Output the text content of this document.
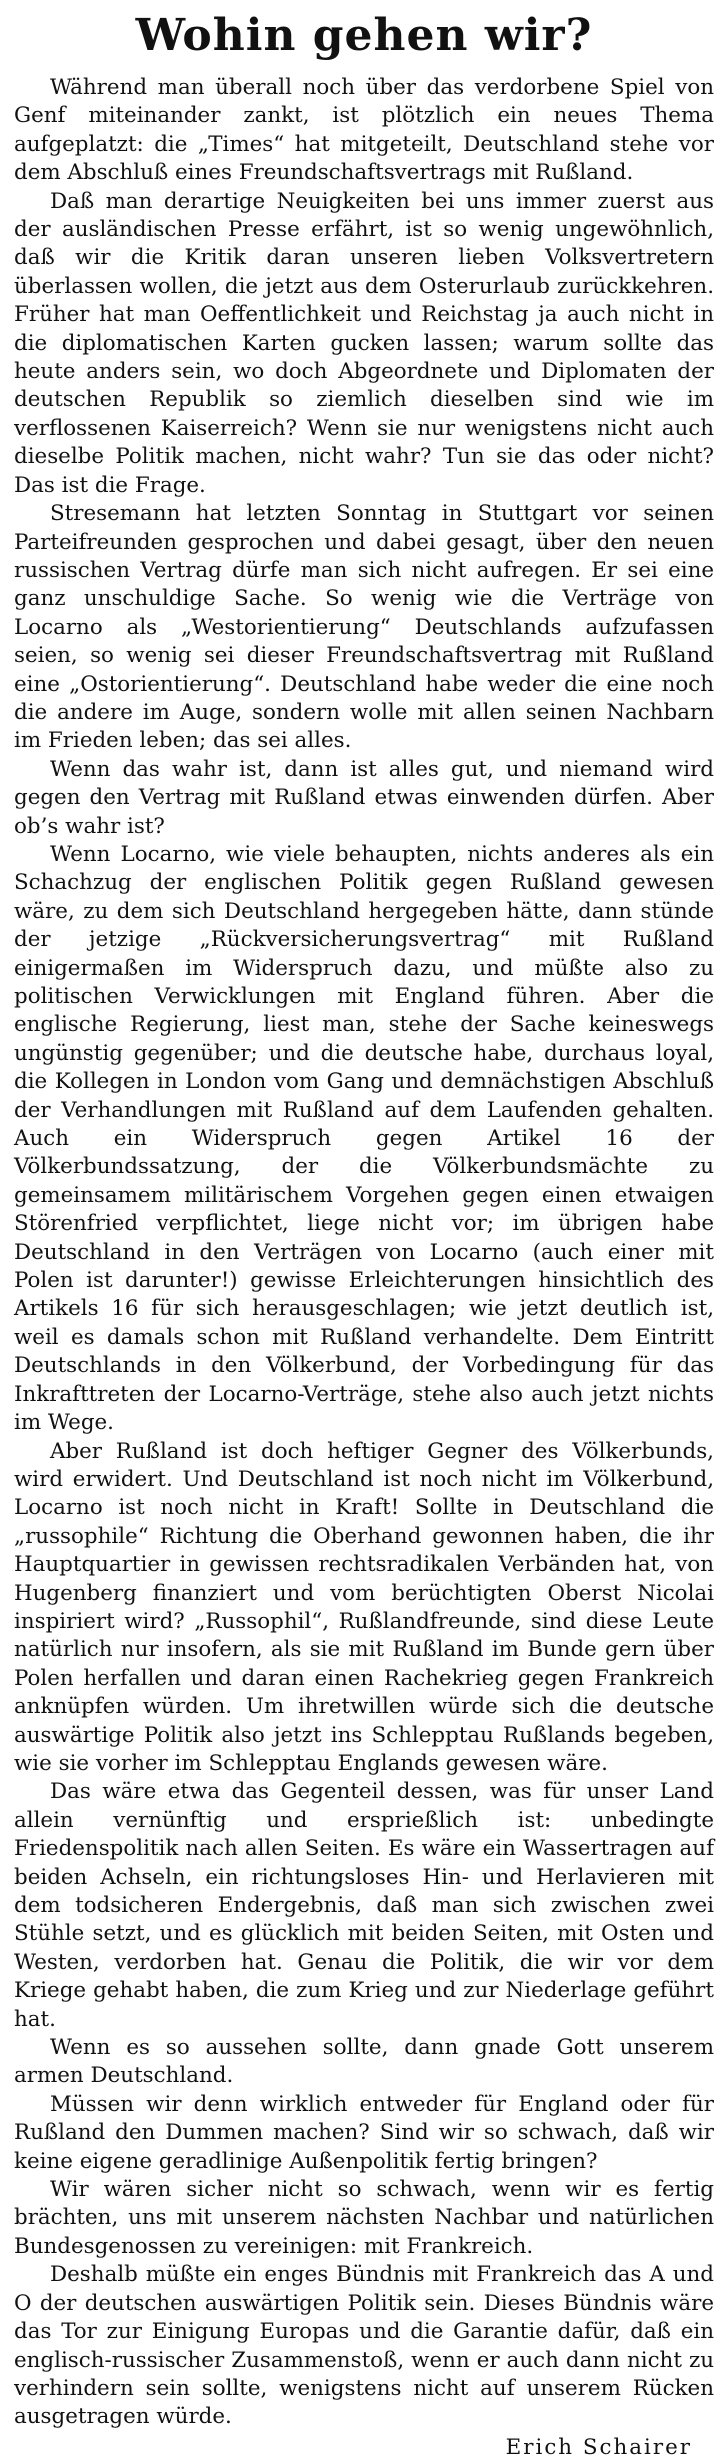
Wohin gehen wir?

Während man überall noch über das verdorbene Spiel von Genf miteinander zankt, ist plötzlich ein neues Thema aufgeplatzt: die „Times“ hat mitgeteilt, Deutschland stehe vor dem Abschluß eines Freundschaftsvertrags mit Rußland.

Daß man derartige Neuigkeiten bei uns immer zuerst aus der ausländischen Presse erfährt, ist so wenig ungewöhnlich, daß wir die Kritik daran unseren lieben Volksvertretern überlassen wollen, die jetzt aus dem Osterurlaub zurückkehren. Früher hat man Oeffentlichkeit und Reichstag ja auch nicht in die diplomatischen Karten gucken lassen; warum sollte das heute anders sein, wo doch Abgeordnete und Diplomaten der deutschen Republik so ziemlich dieselben sind wie im verflossenen Kaiserreich? Wenn sie nur wenigstens nicht auch dieselbe Politik machen, nicht wahr? Tun sie das oder nicht? Das ist die Frage.

Stresemann hat letzten Sonntag in Stuttgart vor seinen Parteifreunden gesprochen und dabei gesagt, über den neuen russischen Vertrag dürfe man sich nicht aufregen. Er sei eine ganz unschuldige Sache. So wenig wie die Verträge von Locarno als „Westorientierung“ Deutschlands aufzufassen seien, so wenig sei dieser Freundschaftsvertrag mit Rußland eine „Ostorientierung“. Deutschland habe weder die eine noch die andere im Auge, sondern wolle mit allen seinen Nachbarn im Frieden leben; das sei alles.

Wenn das wahr ist, dann ist alles gut, und niemand wird gegen den Vertrag mit Rußland etwas einwenden dürfen. Aber ob’s wahr ist?

Wenn Locarno, wie viele behaupten, nichts anderes als ein Schachzug der englischen Politik gegen Rußland gewesen wäre, zu dem sich Deutschland hergegeben hätte, dann stünde der jetzige „Rückversicherungsvertrag“ mit Rußland einigermaßen im Widerspruch dazu, und müßte also zu politischen Verwicklungen mit England führen. Aber die englische Regierung, liest man, stehe der Sache keineswegs ungünstig gegenüber; und die deutsche habe, durchaus loyal, die Kollegen in London vom Gang und demnächstigen Abschluß der Verhandlungen mit Rußland auf dem Laufenden gehalten. Auch ein Widerspruch gegen Artikel 16 der Völkerbundssatzung, der die Völkerbundsmächte zu gemeinsamem militärischem Vorgehen gegen einen etwaigen Störenfried verpflichtet, liege nicht vor; im übrigen habe Deutschland in den Verträgen von Locarno (auch einer mit Polen ist darunter!) gewisse Erleichterungen hinsichtlich des Artikels 16 für sich herausgeschlagen; wie jetzt deutlich ist, weil es damals schon mit Rußland verhandelte. Dem Eintritt Deutschlands in den Völkerbund, der Vorbedingung für das Inkrafttreten der Locarno-Verträge, stehe also auch jetzt nichts im Wege.

Aber Rußland ist doch heftiger Gegner des Völkerbunds, wird erwidert. Und Deutschland ist noch nicht im Völkerbund, Locarno ist noch nicht in Kraft! Sollte in Deutschland die „russophile“ Richtung die Oberhand gewonnen haben, die ihr Hauptquartier in gewissen rechtsradikalen Verbänden hat, von Hugenberg finanziert und vom berüchtigten Oberst Nicolai inspiriert wird? „Russophil“, Rußlandfreunde, sind diese Leute natürlich nur insofern, als sie mit Rußland im Bunde gern über Polen herfallen und daran einen Rachekrieg gegen Frankreich anknüpfen würden. Um ihretwillen würde sich die deutsche auswärtige Politik also jetzt ins Schlepptau Rußlands begeben, wie sie vorher im Schlepptau Englands gewesen wäre.

Das wäre etwa das Gegenteil dessen, was für unser Land allein vernünftig und ersprießlich ist: unbedingte Friedenspolitik nach allen Seiten. Es wäre ein Wassertragen auf beiden Achseln, ein richtungsloses Hin- und Herlavieren mit dem todsicheren Endergebnis, daß man sich zwischen zwei Stühle setzt, und es glücklich mit beiden Seiten, mit Osten und Westen, verdorben hat. Genau die Politik, die wir vor dem Kriege gehabt haben, die zum Krieg und zur Niederlage geführt hat.

Wenn es so aussehen sollte, dann gnade Gott unserem armen Deutschland.

Müssen wir denn wirklich entweder für England oder für Rußland den Dummen machen? Sind wir so schwach, daß wir keine eigene geradlinige Außenpolitik fertig bringen?

Wir wären sicher nicht so schwach, wenn wir es fertig brächten, uns mit unserem nächsten Nachbar und natürlichen Bundesgenossen zu vereinigen: mit Frankreich.

Deshalb müßte ein enges Bündnis mit Frankreich das A und O der deutschen auswärtigen Politik sein. Dieses Bündnis wäre das Tor zur Einigung Europas und die Garantie dafür, daß ein englisch-russischer Zusammenstoß, wenn er auch dann nicht zu verhindern sein sollte, wenigstens nicht auf unserem Rücken ausgetragen würde.

Erich Schairer
